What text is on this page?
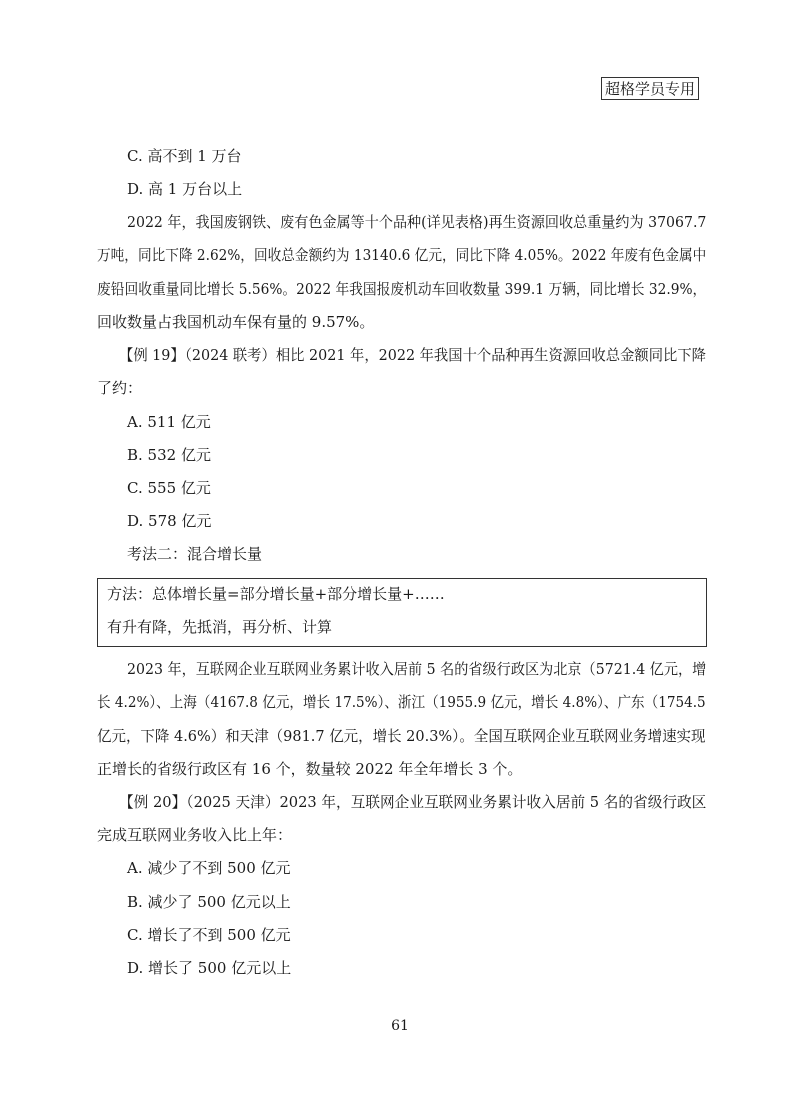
超格学员专用
C. 高不到 1 万台
D. 高 1 万台以上
2022 年，我国废钢铁、废有色金属等十个品种(详见表格)再生资源回收总重量约为 37067.7
万吨，同比下降 2.62%，回收总金额约为 13140.6 亿元，同比下降 4.05%。2022 年废有色金属中
废铅回收重量同比增长 5.56%。2022 年我国报废机动车回收数量 399.1 万辆，同比增长 32.9%，
回收数量占我国机动车保有量的 9.57%。
【例 19】（2024 联考）相比 2021 年，2022 年我国十个品种再生资源回收总金额同比下降
了约：
A. 511 亿元
B. 532 亿元
C. 555 亿元
D. 578 亿元
考法二：混合增长量
方法：总体增长量=部分增长量+部分增长量+……
有升有降，先抵消，再分析、计算
2023 年，互联网企业互联网业务累计收入居前 5 名的省级行政区为北京（5721.4 亿元，增
长 4.2%）、上海（4167.8 亿元，增长 17.5%）、浙江（1955.9 亿元，增长 4.8%）、广东（1754.5
亿元，下降 4.6%）和天津（981.7 亿元，增长 20.3%）。全国互联网企业互联网业务增速实现
正增长的省级行政区有 16 个，数量较 2022 年全年增长 3 个。
【例 20】（2025 天津）2023 年，互联网企业互联网业务累计收入居前 5 名的省级行政区
完成互联网业务收入比上年：
A. 减少了不到 500 亿元
B. 减少了 500 亿元以上
C. 增长了不到 500 亿元
D. 增长了 500 亿元以上
61
